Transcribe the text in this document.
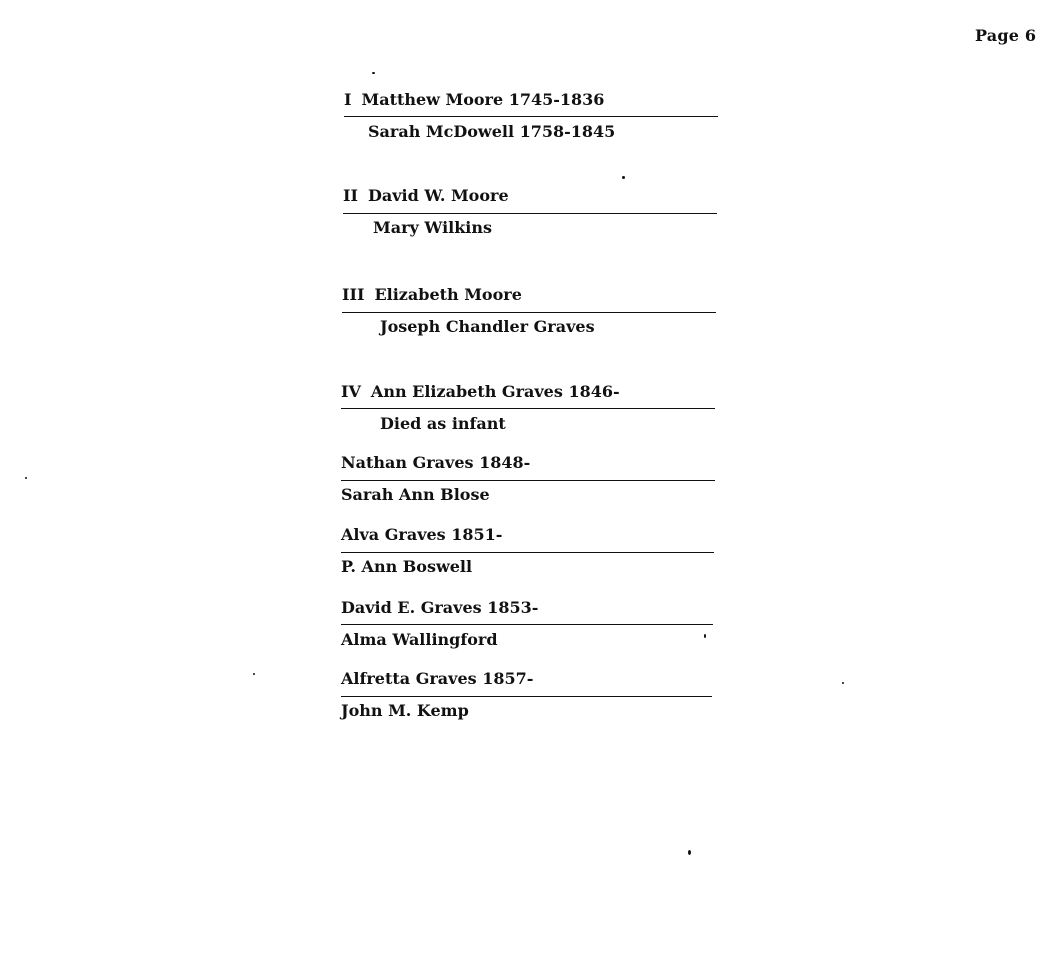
Page 6
I Matthew Moore 1745-1836
Sarah McDowell 1758-1845
II David W. Moore
Mary Wilkins
III Elizabeth Moore
Joseph Chandler Graves
IV Ann Elizabeth Graves 1846-
Died as infant
Nathan Graves 1848-
Sarah Ann Blose
Alva Graves 1851-
P. Ann Boswell
David E. Graves 1853-
Alma Wallingford
Alfretta Graves 1857-
John M. Kemp
